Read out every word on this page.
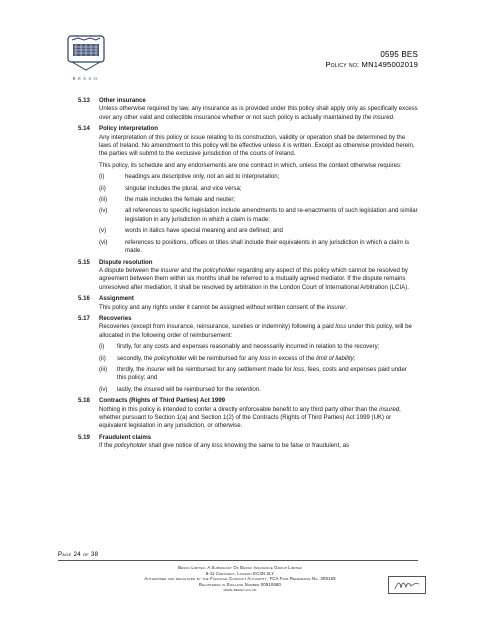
BESSO
0595 BES
Policy no: MN1495002019
5.13 Other insurance
Unless otherwise required by law, any insurance as is provided under this policy shall apply only as specifically excess over any other valid and collectible insurance whether or not such policy is actually maintained by the insured.
5.14 Policy interpretation
Any interpretation of this policy or issue relating to its construction, validity or operation shall be determined by the laws of Ireland. No amendment to this policy will be effective unless it is written. Except as otherwise provided herein, the parties will submit to the exclusive jurisdiction of the courts of Ireland.
This policy, its schedule and any endorsements are one contract in which, unless the context otherwise requires:
(i)	headings are descriptive only, not an aid to interpretation;
(ii)	singular includes the plural, and vice versa;
(iii)	the male includes the female and neuter;
(iv)	all references to specific legislation include amendments to and re-enactments of such legislation and similar legislation in any jurisdiction in which a claim is made;
(v)	words in italics have special meaning and are defined; and
(vi)	references to positions, offices or titles shall include their equivalents in any jurisdiction in which a claim is made.
5.15 Dispute resolution
A dispute between the insurer and the policyholder regarding any aspect of this policy which cannot be resolved by agreement between them within six months shall be referred to a mutually agreed mediator. If the dispute remains unresolved after mediation, it shall be resolved by arbitration in the London Court of International Arbitration (LCIA).
5.16 Assignment
This policy and any rights under it cannot be assigned without written consent of the insurer.
5.17 Recoveries
Recoveries (except from insurance, reinsurance, sureties or indemnity) following a paid loss under this policy, will be allocated in the following order of reimbursement:
(i) firstly, for any costs and expenses reasonably and necessarily incurred in relation to the recovery;
(ii) secondly, the policyholder will be reimbursed for any loss in excess of the limit of liability;
(iii) thirdly, the insurer will be reimbursed for any settlement made for loss, fees, costs and expenses paid under this policy; and
(iv) lastly, the insured will be reimbursed for the retention.
5.18 Contracts (Rights of Third Parties) Act 1999
Nothing in this policy is intended to confer a directly enforceable benefit to any third party other than the insured, whether pursuant to Section 1(a) and Section 1(2) of the Contracts (Rights of Third Parties) Act 1999 (UK) or equivalent legislation in any jurisdiction, or otherwise.
5.19 Fraudulent claims
If the policyholder shall give notice of any loss knowing the same to be false or fraudulent, as
Page 24 of 38
Besso Limited. A Subsidiary Of Besso Insurance Group Limited
8-11 Crescent, London EC3N 2LY
Authorised and regulated by the Financial Conduct Authority, FCA Firm Reference No. 309159
Registered in England Number 00910680
www.besso.co.uk
